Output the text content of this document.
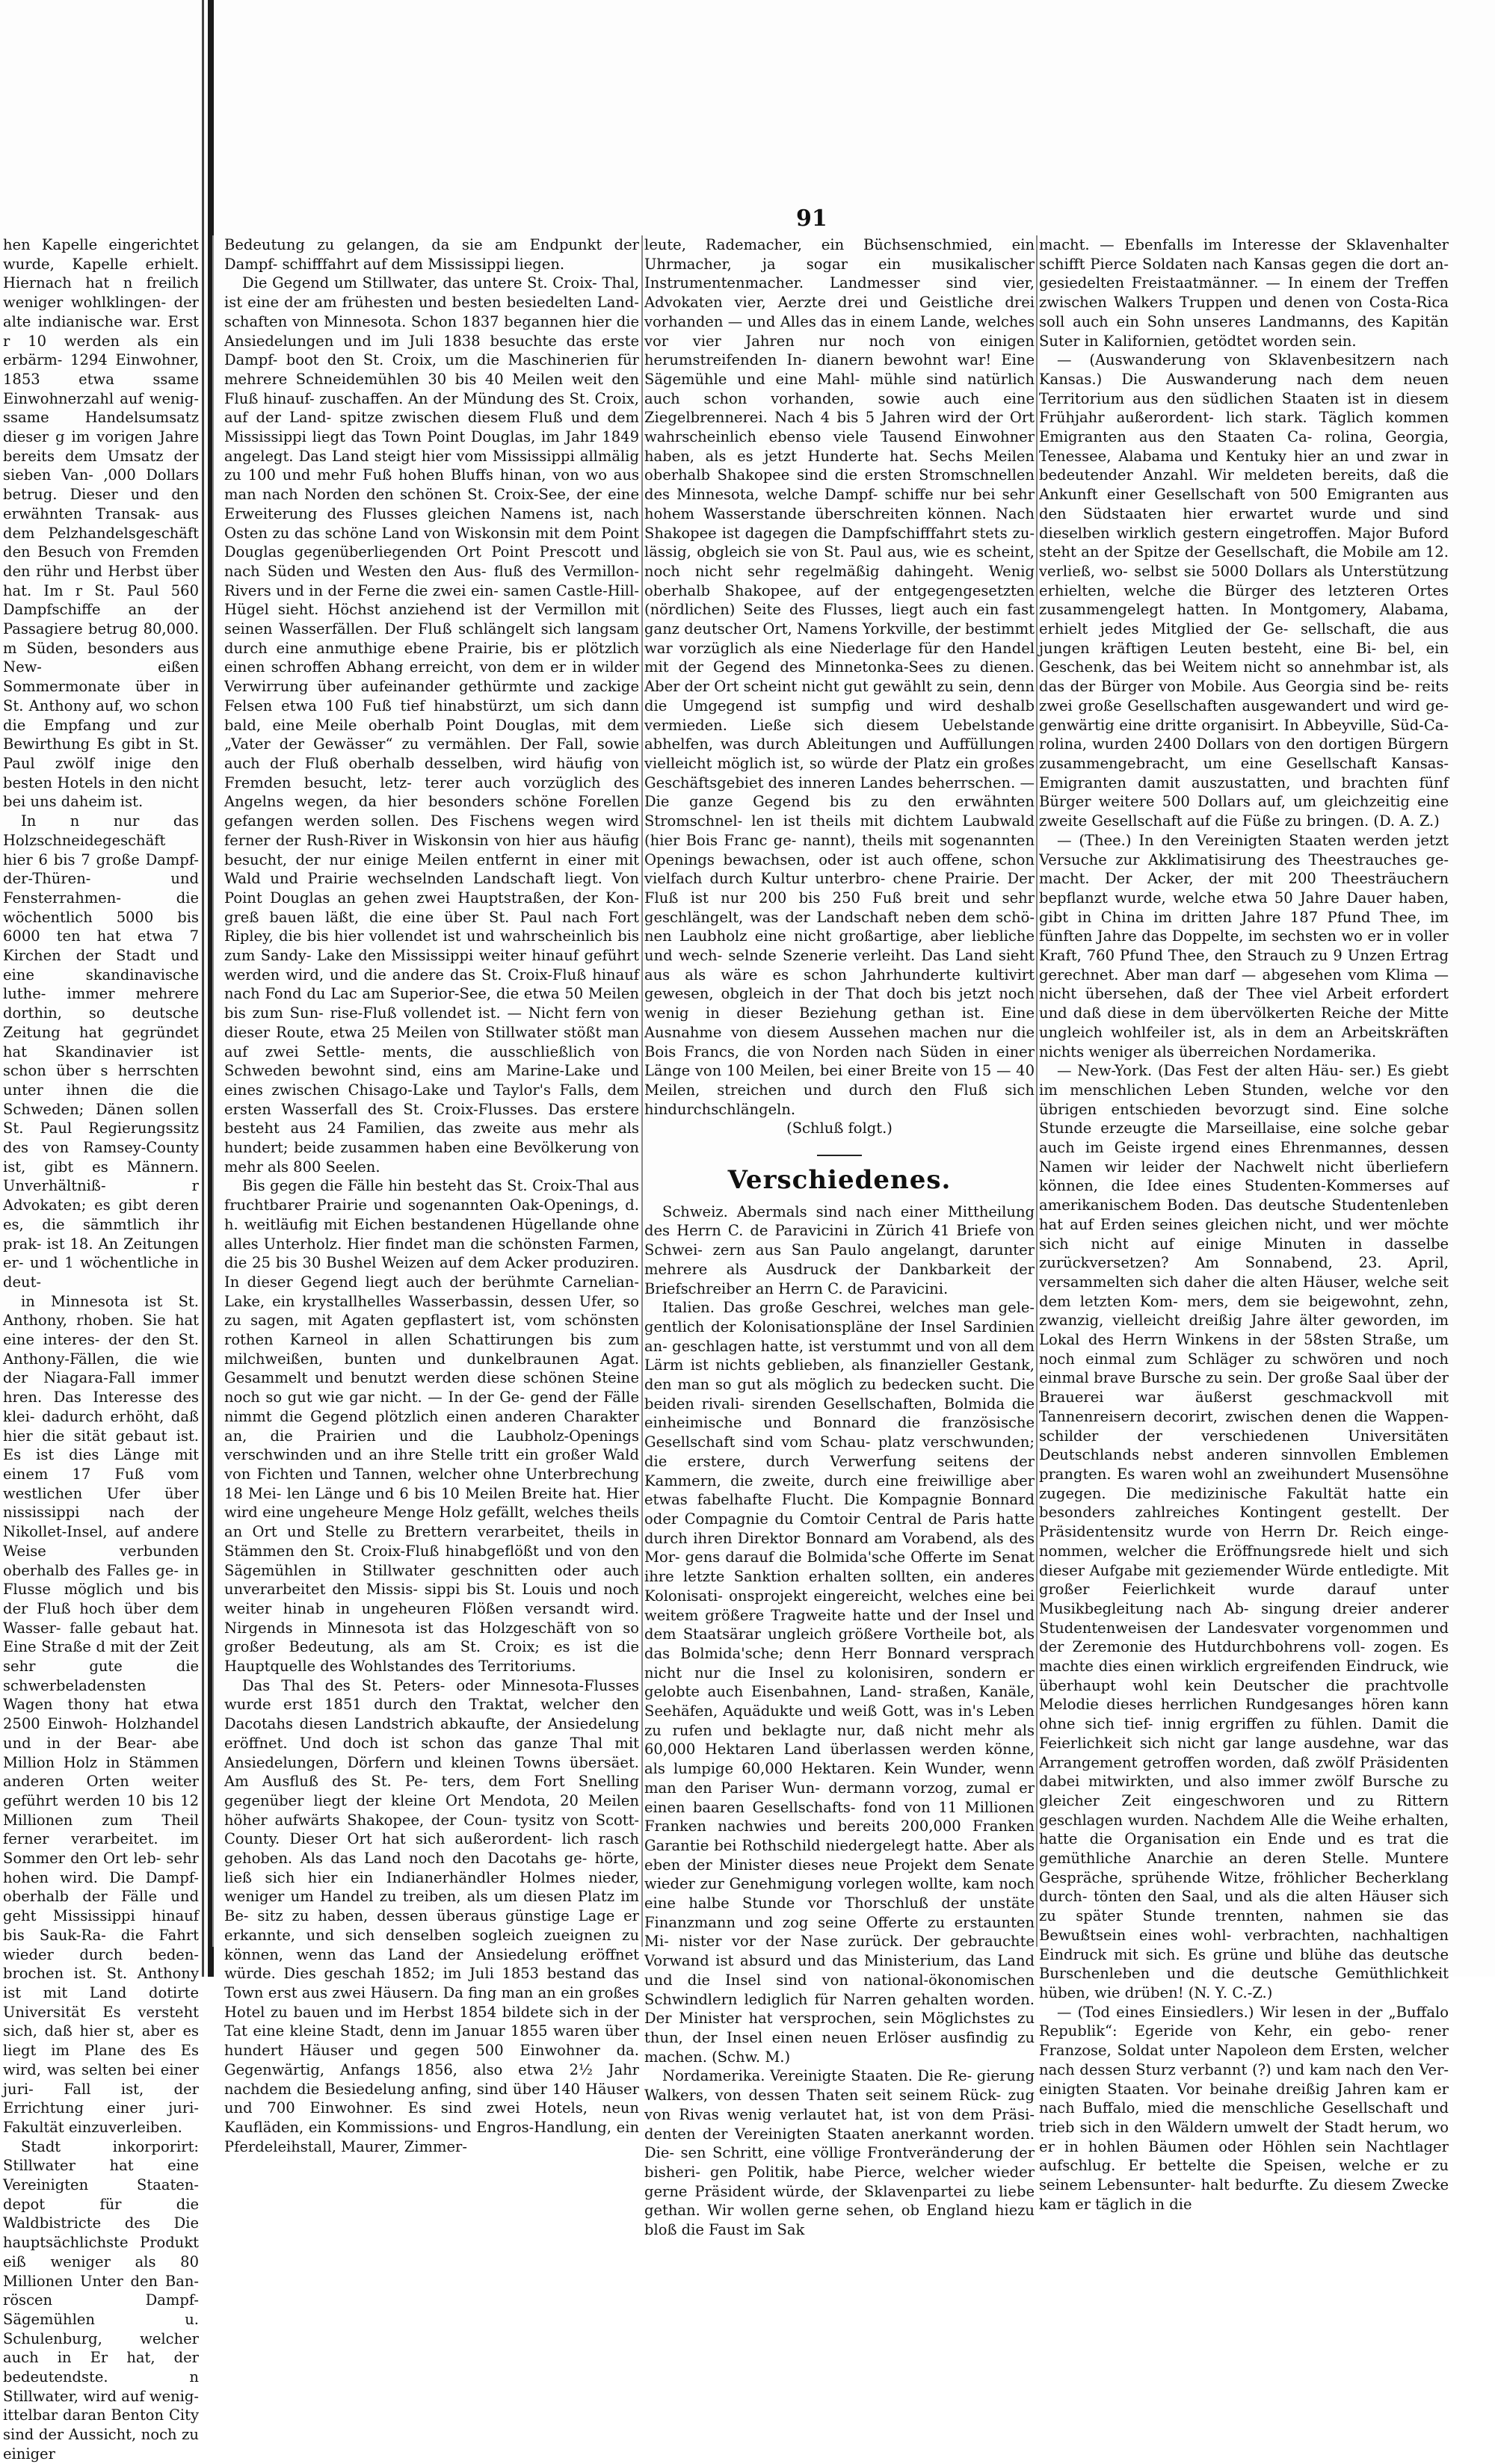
91

hen Kapelle eingerichtet wurde, Kapelle erhielt. Hiernach hat n freilich weniger wohlklingen- der alte indianische war. Erst r 10 werden als ein erbärm- 1294 Einwohner, 1853 etwa ssame Einwohnerzahl auf wenig- ssame Handelsumsatz dieser g im vorigen Jahre bereits dem Umsatz der sieben Van- ,000 Dollars betrug. Dieser und den erwähnten Transak- aus dem Pelzhandelsgeschäft den Besuch von Fremden den rühr und Herbst über hat. Im r St. Paul 560 Dampfschiffe an der Passagiere betrug 80,000. m Süden, besonders aus New- eißen Sommermonate über in St. Anthony auf, wo schon die Empfang und zur Bewirthung Es gibt in St. Paul zwölf inige den besten Hotels in den nicht bei uns daheim ist.

In n nur das Holzschneidegeschäft hier 6 bis 7 große Dampf- der-Thüren- und Fensterrahmen- die wöchentlich 5000 bis 6000 ten hat etwa 7 Kirchen der Stadt und eine skandinavische luthe- immer mehrere dorthin, so deutsche Zeitung hat gegründet hat Skandinavier ist schon über s herrschten unter ihnen die die Schweden; Dänen sollen St. Paul Regierungssitz des von Ramsey-County ist, gibt es Männern. Unverhältniß- r Advokaten; es gibt deren es, die sämmtlich ihr prak- ist 18. An Zeitungen er- und 1 wöchentliche in deut-

in Minnesota ist St. Anthony, rhoben. Sie hat eine interes- der den St. Anthony-Fällen, die wie der Niagara-Fall immer hren. Das Interesse des klei- dadurch erhöht, daß hier die sität gebaut ist. Es ist dies Länge mit einem 17 Fuß vom westlichen Ufer über nississippi nach der Nikollet-Insel, auf andere Weise verbunden oberhalb des Falles ge- in Flusse möglich und bis der Fluß hoch über dem Wasser- falle gebaut hat. Eine Straße d mit der Zeit sehr gute die schwerbeladensten Wagen thony hat etwa 2500 Einwoh- Holzhandel und in der Bear- abe Million Holz in Stämmen anderen Orten weiter geführt werden 10 bis 12 Millionen zum Theil ferner verarbeitet. im Sommer den Ort leb- sehr hohen wird. Die Dampf- oberhalb der Fälle und geht Mississippi hinauf bis Sauk-Ra- die Fahrt wieder durch beden- brochen ist. St. Anthony ist mit Land dotirte Universität Es versteht sich, daß hier st, aber es liegt im Plane des Es wird, was selten bei einer juri- Fall ist, der Errichtung einer juri- Fakultät einzuverleiben.

Stadt inkorporirt: Stillwater hat eine Vereinigten Staaten- depot für die Waldbistricte des Die hauptsächlichste Produkt eiß weniger als 80 Millionen Unter den Ban- röscen Dampf-Sägemühlen u. Schulenburg, welcher auch in Er hat, der bedeutendste. n Stillwater, wird auf wenig- ittelbar daran Benton City sind der Aussicht, noch zu einiger

Bedeutung zu gelangen, da sie am Endpunkt der Dampf- schifffahrt auf dem Mississippi liegen.

Die Gegend um Stillwater, das untere St. Croix- Thal, ist eine der am frühesten und besten besiedelten Land- schaften von Minnesota. Schon 1837 begannen hier die Ansiedelungen und im Juli 1838 besuchte das erste Dampf- boot den St. Croix, um die Maschinerien für mehrere Schneidemühlen 30 bis 40 Meilen weit den Fluß hinauf- zuschaffen. An der Mündung des St. Croix, auf der Land- spitze zwischen diesem Fluß und dem Mississippi liegt das Town Point Douglas, im Jahr 1849 angelegt. Das Land steigt hier vom Mississippi allmälig zu 100 und mehr Fuß hohen Bluffs hinan, von wo aus man nach Norden den schönen St. Croix-See, der eine Erweiterung des Flusses gleichen Namens ist, nach Osten zu das schöne Land von Wiskonsin mit dem Point Douglas gegenüberliegenden Ort Point Prescott und nach Süden und Westen den Aus- fluß des Vermillon-Rivers und in der Ferne die zwei ein- samen Castle-Hill-Hügel sieht. Höchst anziehend ist der Vermillon mit seinen Wasserfällen. Der Fluß schlängelt sich langsam durch eine anmuthige ebene Prairie, bis er plötzlich einen schroffen Abhang erreicht, von dem er in wilder Verwirrung über aufeinander gethürmte und zackige Felsen etwa 100 Fuß tief hinabstürzt, um sich dann bald, eine Meile oberhalb Point Douglas, mit dem „Vater der Gewässer“ zu vermählen. Der Fall, sowie auch der Fluß oberhalb desselben, wird häufig von Fremden besucht, letz- terer auch vorzüglich des Angelns wegen, da hier besonders schöne Forellen gefangen werden sollen. Des Fischens wegen wird ferner der Rush-River in Wiskonsin von hier aus häufig besucht, der nur einige Meilen entfernt in einer mit Wald und Prairie wechselnden Landschaft liegt. Von Point Douglas an gehen zwei Hauptstraßen, der Kon- greß bauen läßt, die eine über St. Paul nach Fort Ripley, die bis hier vollendet ist und wahrscheinlich bis zum Sandy- Lake den Mississippi weiter hinauf geführt werden wird, und die andere das St. Croix-Fluß hinauf nach Fond du Lac am Superior-See, die etwa 50 Meilen bis zum Sun- rise-Fluß vollendet ist. — Nicht fern von dieser Route, etwa 25 Meilen von Stillwater stößt man auf zwei Settle- ments, die ausschließlich von Schweden bewohnt sind, eins am Marine-Lake und eines zwischen Chisago-Lake und Taylor's Falls, dem ersten Wasserfall des St. Croix-Flusses. Das erstere besteht aus 24 Familien, das zweite aus mehr als hundert; beide zusammen haben eine Bevölkerung von mehr als 800 Seelen.

Bis gegen die Fälle hin besteht das St. Croix-Thal aus fruchtbarer Prairie und sogenannten Oak-Openings, d. h. weitläufig mit Eichen bestandenen Hügellande ohne alles Unterholz. Hier findet man die schönsten Farmen, die 25 bis 30 Bushel Weizen auf dem Acker produziren. In dieser Gegend liegt auch der berühmte Carnelian-Lake, ein krystallhelles Wasserbassin, dessen Ufer, so zu sagen, mit Agaten gepflastert ist, vom schönsten rothen Karneol in allen Schattirungen bis zum milchweißen, bunten und dunkelbraunen Agat. Gesammelt und benutzt werden diese schönen Steine noch so gut wie gar nicht. — In der Ge- gend der Fälle nimmt die Gegend plötzlich einen anderen Charakter an, die Prairien und die Laubholz-Openings verschwinden und an ihre Stelle tritt ein großer Wald von Fichten und Tannen, welcher ohne Unterbrechung 18 Mei- len Länge und 6 bis 10 Meilen Breite hat. Hier wird eine ungeheure Menge Holz gefällt, welches theils an Ort und Stelle zu Brettern verarbeitet, theils in Stämmen den St. Croix-Fluß hinabgeflößt und von den Sägemühlen in Stillwater geschnitten oder auch unverarbeitet den Missis- sippi bis St. Louis und noch weiter hinab in ungeheuren Flößen versandt wird. Nirgends in Minnesota ist das Holzgeschäft von so großer Bedeutung, als am St. Croix; es ist die Hauptquelle des Wohlstandes des Territoriums.

Das Thal des St. Peters- oder Minnesota-Flusses wurde erst 1851 durch den Traktat, welcher den Dacotahs diesen Landstrich abkaufte, der Ansiedelung eröffnet. Und doch ist schon das ganze Thal mit Ansiedelungen, Dörfern und kleinen Towns übersäet. Am Ausfluß des St. Pe- ters, dem Fort Snelling gegenüber liegt der kleine Ort Mendota, 20 Meilen höher aufwärts Shakopee, der Coun- tysitz von Scott-County. Dieser Ort hat sich außerordent- lich rasch gehoben. Als das Land noch den Dacotahs ge- hörte, ließ sich hier ein Indianerhändler Holmes nieder, weniger um Handel zu treiben, als um diesen Platz im Be- sitz zu haben, dessen überaus günstige Lage er erkannte, und sich denselben sogleich zueignen zu können, wenn das Land der Ansiedelung eröffnet würde. Dies geschah 1852; im Juli 1853 bestand das Town erst aus zwei Häusern. Da fing man an ein großes Hotel zu bauen und im Herbst 1854 bildete sich in der Tat eine kleine Stadt, denn im Januar 1855 waren über hundert Häuser und gegen 500 Einwohner da. Gegenwärtig, Anfangs 1856, also etwa 2½ Jahr nachdem die Besiedelung anfing, sind über 140 Häuser und 700 Einwohner. Es sind zwei Hotels, neun Kaufläden, ein Kommissions- und Engros-Handlung, ein Pferdeleihstall, Maurer, Zimmer-

leute, Rademacher, ein Büchsenschmied, ein Uhrmacher, ja sogar ein musikalischer Instrumentenmacher. Landmesser sind vier, Advokaten vier, Aerzte drei und Geistliche drei vorhanden — und Alles das in einem Lande, welches vor vier Jahren nur noch von einigen herumstreifenden In- dianern bewohnt war! Eine Sägemühle und eine Mahl- mühle sind natürlich auch schon vorhanden, sowie auch eine Ziegelbrennerei. Nach 4 bis 5 Jahren wird der Ort wahrscheinlich ebenso viele Tausend Einwohner haben, als es jetzt Hunderte hat. Sechs Meilen oberhalb Shakopee sind die ersten Stromschnellen des Minnesota, welche Dampf- schiffe nur bei sehr hohem Wasserstande überschreiten können. Nach Shakopee ist dagegen die Dampfschifffahrt stets zu- lässig, obgleich sie von St. Paul aus, wie es scheint, noch nicht sehr regelmäßig dahingeht. Wenig oberhalb Shakopee, auf der entgegengesetzten (nördlichen) Seite des Flusses, liegt auch ein fast ganz deutscher Ort, Namens Yorkville, der bestimmt war vorzüglich als eine Niederlage für den Handel mit der Gegend des Minnetonka-Sees zu dienen. Aber der Ort scheint nicht gut gewählt zu sein, denn die Umgegend ist sumpfig und wird deshalb vermieden. Ließe sich diesem Uebelstande abhelfen, was durch Ableitungen und Auffüllungen vielleicht möglich ist, so würde der Platz ein großes Geschäftsgebiet des inneren Landes beherrschen. — Die ganze Gegend bis zu den erwähnten Stromschnel- len ist theils mit dichtem Laubwald (hier Bois Franc ge- nannt), theils mit sogenannten Openings bewachsen, oder ist auch offene, schon vielfach durch Kultur unterbro- chene Prairie. Der Fluß ist nur 200 bis 250 Fuß breit und sehr geschlängelt, was der Landschaft neben dem schö- nen Laubholz eine nicht großartige, aber liebliche und wech- selnde Szenerie verleiht. Das Land sieht aus als wäre es schon Jahrhunderte kultivirt gewesen, obgleich in der That doch bis jetzt noch wenig in dieser Beziehung gethan ist. Eine Ausnahme von diesem Aussehen machen nur die Bois Francs, die von Norden nach Süden in einer Länge von 100 Meilen, bei einer Breite von 15 — 40 Meilen, streichen und durch den Fluß sich hindurchschlängeln.

(Schluß folgt.)

Verschiedenes.

Schweiz. Abermals sind nach einer Mittheilung des Herrn C. de Paravicini in Zürich 41 Briefe von Schwei- zern aus San Paulo angelangt, darunter mehrere als Ausdruck der Dankbarkeit der Briefschreiber an Herrn C. de Paravicini.

Italien. Das große Geschrei, welches man gele- gentlich der Kolonisationspläne der Insel Sardinien an- geschlagen hatte, ist verstummt und von all dem Lärm ist nichts geblieben, als finanzieller Gestank, den man so gut als möglich zu bedecken sucht. Die beiden rivali- sirenden Gesellschaften, Bolmida die einheimische und Bonnard die französische Gesellschaft sind vom Schau- platz verschwunden; die erstere, durch Verwerfung seitens der Kammern, die zweite, durch eine freiwillige aber etwas fabelhafte Flucht. Die Kompagnie Bonnard oder Compagnie du Comtoir Central de Paris hatte durch ihren Direktor Bonnard am Vorabend, als des Mor- gens darauf die Bolmida'sche Offerte im Senat ihre letzte Sanktion erhalten sollten, ein anderes Kolonisati- onsprojekt eingereicht, welches eine bei weitem größere Tragweite hatte und der Insel und dem Staatsärar ungleich größere Vortheile bot, als das Bolmida'sche; denn Herr Bonnard versprach nicht nur die Insel zu kolonisiren, sondern er gelobte auch Eisenbahnen, Land- straßen, Kanäle, Seehäfen, Aquädukte und weiß Gott, was in's Leben zu rufen und beklagte nur, daß nicht mehr als 60,000 Hektaren Land überlassen werden könne, als lumpige 60,000 Hektaren. Kein Wunder, wenn man den Pariser Wun- dermann vorzog, zumal er einen baaren Gesellschafts- fond von 11 Millionen Franken nachwies und bereits 200,000 Franken Garantie bei Rothschild niedergelegt hatte. Aber als eben der Minister dieses neue Projekt dem Senate wieder zur Genehmigung vorlegen wollte, kam noch eine halbe Stunde vor Thorschluß der unstäte Finanzmann und zog seine Offerte zu erstaunten Mi- nister vor der Nase zurück. Der gebrauchte Vorwand ist absurd und das Ministerium, das Land und die Insel sind von national-ökonomischen Schwindlern lediglich für Narren gehalten worden. Der Minister hat versprochen, sein Möglichstes zu thun, der Insel einen neuen Erlöser ausfindig zu machen. (Schw. M.)

Nordamerika. Vereinigte Staaten. Die Re- gierung Walkers, von dessen Thaten seit seinem Rück- zug von Rivas wenig verlautet hat, ist von dem Präsi- denten der Vereinigten Staaten anerkannt worden. Die- sen Schritt, eine völlige Frontveränderung der bisheri- gen Politik, habe Pierce, welcher wieder gerne Präsident würde, der Sklavenpartei zu liebe gethan. Wir wollen gerne sehen, ob England hiezu bloß die Faust im Sak

macht. — Ebenfalls im Interesse der Sklavenhalter schifft Pierce Soldaten nach Kansas gegen die dort an- gesiedelten Freistaatmänner. — In einem der Treffen zwischen Walkers Truppen und denen von Costa-Rica soll auch ein Sohn unseres Landmanns, des Kapitän Suter in Kalifornien, getödtet worden sein.

— (Auswanderung von Sklavenbesitzern nach Kansas.) Die Auswanderung nach dem neuen Territorium aus den südlichen Staaten ist in diesem Frühjahr außerordent- lich stark. Täglich kommen Emigranten aus den Staaten Ca- rolina, Georgia, Tenessee, Alabama und Kentuky hier an und zwar in bedeutender Anzahl. Wir meldeten bereits, daß die Ankunft einer Gesellschaft von 500 Emigranten aus den Südstaaten hier erwartet wurde und sind dieselben wirklich gestern eingetroffen. Major Buford steht an der Spitze der Gesellschaft, die Mobile am 12. verließ, wo- selbst sie 5000 Dollars als Unterstützung erhielten, welche die Bürger des letzteren Ortes zusammengelegt hatten. In Montgomery, Alabama, erhielt jedes Mitglied der Ge- sellschaft, die aus jungen kräftigen Leuten besteht, eine Bi- bel, ein Geschenk, das bei Weitem nicht so annehmbar ist, als das der Bürger von Mobile. Aus Georgia sind be- reits zwei große Gesellschaften ausgewandert und wird ge- genwärtig eine dritte organisirt. In Abbeyville, Süd-Ca- rolina, wurden 2400 Dollars von den dortigen Bürgern zusammengebracht, um eine Gesellschaft Kansas-Emigranten damit auszustatten, und brachten fünf Bürger weitere 500 Dollars auf, um gleichzeitig eine zweite Gesellschaft auf die Füße zu bringen. (D. A. Z.)

— (Thee.) In den Vereinigten Staaten werden jetzt Versuche zur Akklimatisirung des Theestrauches ge- macht. Der Acker, der mit 200 Theesträuchern bepflanzt wurde, welche etwa 50 Jahre Dauer haben, gibt in China im dritten Jahre 187 Pfund Thee, im fünften Jahre das Doppelte, im sechsten wo er in voller Kraft, 760 Pfund Thee, den Strauch zu 9 Unzen Ertrag gerechnet. Aber man darf — abgesehen vom Klima — nicht übersehen, daß der Thee viel Arbeit erfordert und daß diese in dem übervölkerten Reiche der Mitte ungleich wohlfeiler ist, als in dem an Arbeitskräften nichts weniger als überreichen Nordamerika.

— New-York. (Das Fest der alten Häu- ser.) Es giebt im menschlichen Leben Stunden, welche vor den übrigen entschieden bevorzugt sind. Eine solche Stunde erzeugte die Marseillaise, eine solche gebar auch im Geiste irgend eines Ehrenmannes, dessen Namen wir leider der Nachwelt nicht überliefern können, die Idee eines Studenten-Kommerses auf amerikanischem Boden. Das deutsche Studentenleben hat auf Erden seines gleichen nicht, und wer möchte sich nicht auf einige Minuten in dasselbe zurückversetzen? Am Sonnabend, 23. April, versammelten sich daher die alten Häuser, welche seit dem letzten Kom- mers, dem sie beigewohnt, zehn, zwanzig, vielleicht dreißig Jahre älter geworden, im Lokal des Herrn Winkens in der 58sten Straße, um noch einmal zum Schläger zu schwören und noch einmal brave Bursche zu sein. Der große Saal über der Brauerei war äußerst geschmackvoll mit Tannenreisern decorirt, zwischen denen die Wappen- schilder der verschiedenen Universitäten Deutschlands nebst anderen sinnvollen Emblemen prangten. Es waren wohl an zweihundert Musensöhne zugegen. Die medizinische Fakultät hatte ein besonders zahlreiches Kontingent gestellt. Der Präsidentensitz wurde von Herrn Dr. Reich einge- nommen, welcher die Eröffnungsrede hielt und sich dieser Aufgabe mit geziemender Würde entledigte. Mit großer Feierlichkeit wurde darauf unter Musikbegleitung nach Ab- singung dreier anderer Studentenweisen der Landesvater vorgenommen und der Zeremonie des Hutdurchbohrens voll- zogen. Es machte dies einen wirklich ergreifenden Eindruck, wie überhaupt wohl kein Deutscher die prachtvolle Melodie dieses herrlichen Rundgesanges hören kann ohne sich tief- innig ergriffen zu fühlen. Damit die Feierlichkeit sich nicht gar lange ausdehne, war das Arrangement getroffen worden, daß zwölf Präsidenten dabei mitwirkten, und also immer zwölf Bursche zu gleicher Zeit eingeschworen und zu Rittern geschlagen wurden. Nachdem Alle die Weihe erhalten, hatte die Organisation ein Ende und es trat die gemüthliche Anarchie an deren Stelle. Muntere Gespräche, sprühende Witze, fröhlicher Becherklang durch- tönten den Saal, und als die alten Häuser sich zu später Stunde trennten, nahmen sie das Bewußtsein eines wohl- verbrachten, nachhaltigen Eindruck mit sich. Es grüne und blühe das deutsche Burschenleben und die deutsche Gemüthlichkeit hüben, wie drüben! (N. Y. C.-Z.)

— (Tod eines Einsiedlers.) Wir lesen in der „Buffalo Republik“: Egeride von Kehr, ein gebo- rener Franzose, Soldat unter Napoleon dem Ersten, welcher nach dessen Sturz verbannt (?) und kam nach den Ver- einigten Staaten. Vor beinahe dreißig Jahren kam er nach Buffalo, mied die menschliche Gesellschaft und trieb sich in den Wäldern umwelt der Stadt herum, wo er in hohlen Bäumen oder Höhlen sein Nachtlager aufschlug. Er bettelte die Speisen, welche er zu seinem Lebensunter- halt bedurfte. Zu diesem Zwecke kam er täglich in die
